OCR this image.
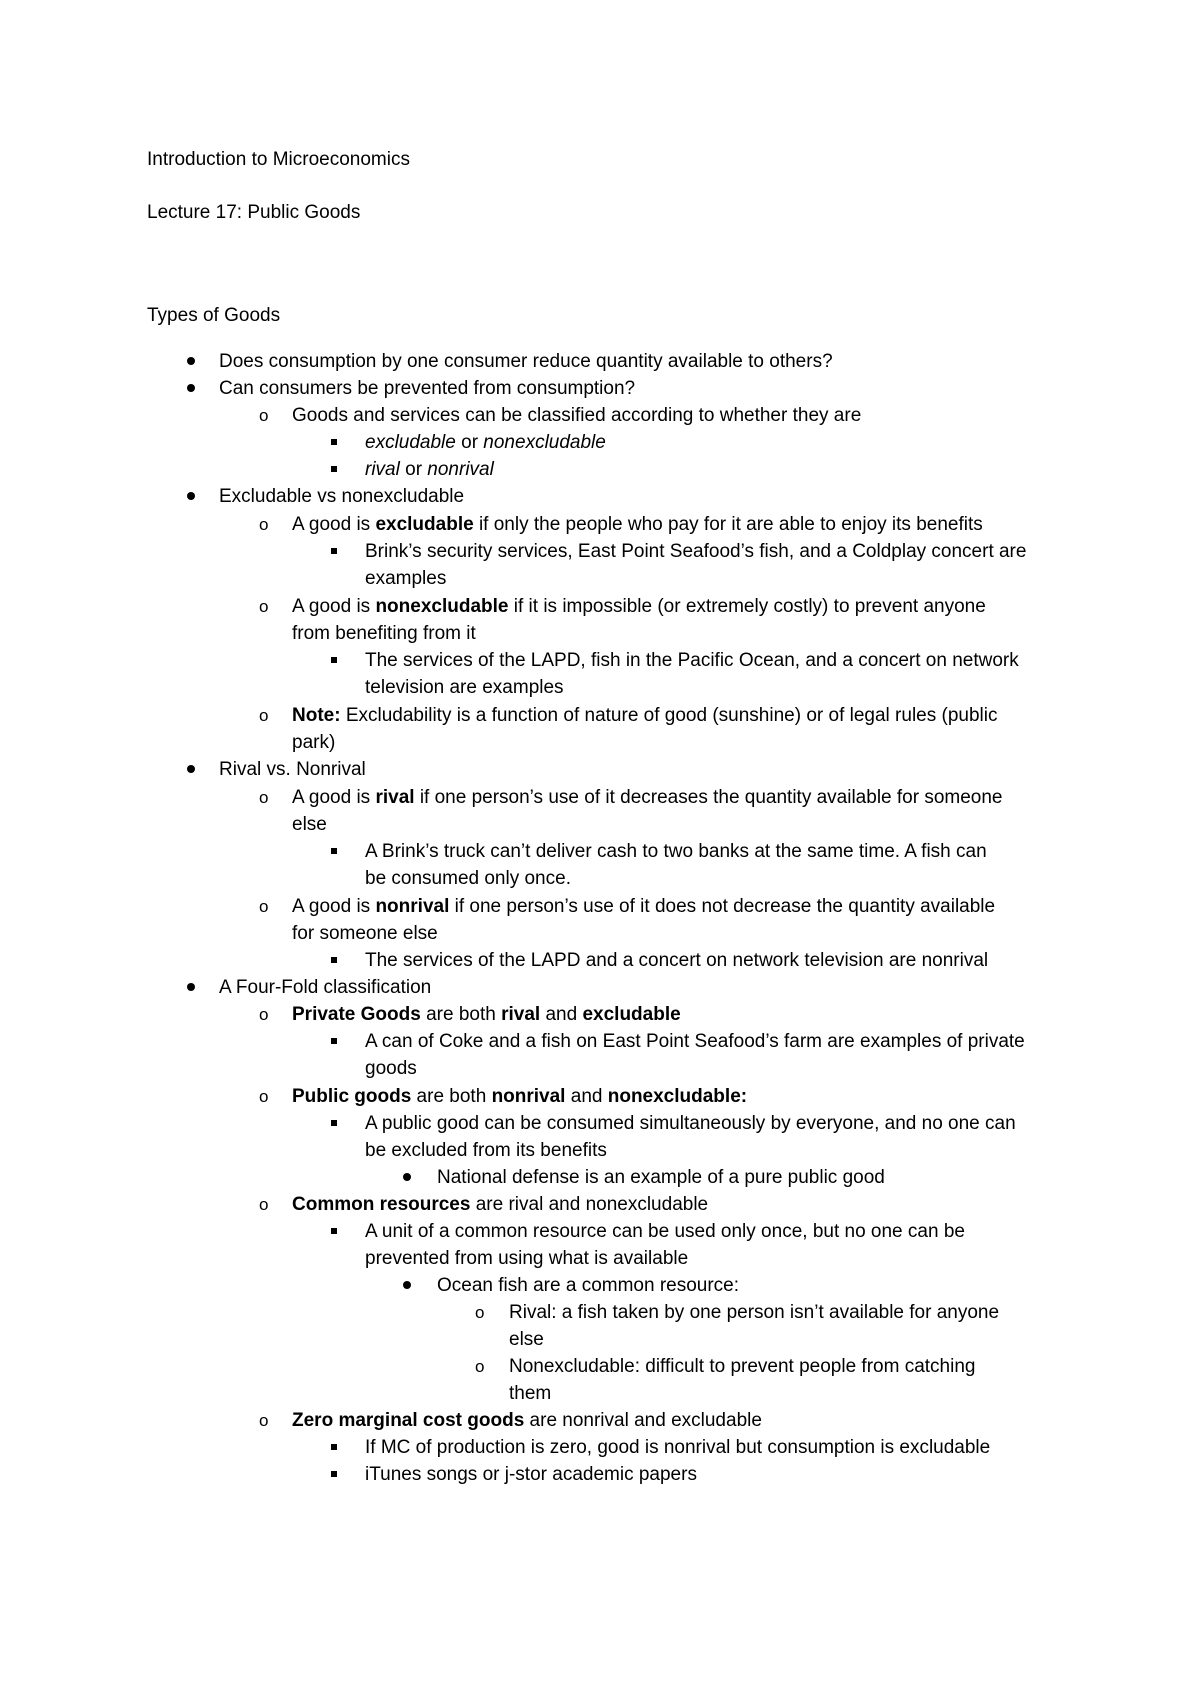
Introduction to Microeconomics
Lecture 17: Public Goods
Types of Goods
Does consumption by one consumer reduce quantity available to others?
Can consumers be prevented from consumption?
o Goods and services can be classified according to whether they are
excludable or nonexcludable
rival or nonrival
Excludable vs nonexcludable
o A good is excludable if only the people who pay for it are able to enjoy its benefits
Brink’s security services, East Point Seafood’s fish, and a Coldplay concert are
examples
o A good is nonexcludable if it is impossible (or extremely costly) to prevent anyone
from benefiting from it
The services of the LAPD, fish in the Pacific Ocean, and a concert on network
television are examples
o Note: Excludability is a function of nature of good (sunshine) or of legal rules (public
park)
Rival vs. Nonrival
o A good is rival if one person’s use of it decreases the quantity available for someone
else
A Brink’s truck can’t deliver cash to two banks at the same time. A fish can
be consumed only once.
o A good is nonrival if one person’s use of it does not decrease the quantity available
for someone else
The services of the LAPD and a concert on network television are nonrival
A Four-Fold classification
o Private Goods are both rival and excludable
A can of Coke and a fish on East Point Seafood’s farm are examples of private
goods
o Public goods are both nonrival and nonexcludable:
A public good can be consumed simultaneously by everyone, and no one can
be excluded from its benefits
National defense is an example of a pure public good
o Common resources are rival and nonexcludable
A unit of a common resource can be used only once, but no one can be
prevented from using what is available
Ocean fish are a common resource:
o Rival: a fish taken by one person isn’t available for anyone
else
o Nonexcludable: difficult to prevent people from catching
them
o Zero marginal cost goods are nonrival and excludable
If MC of production is zero, good is nonrival but consumption is excludable
iTunes songs or j-stor academic papers
